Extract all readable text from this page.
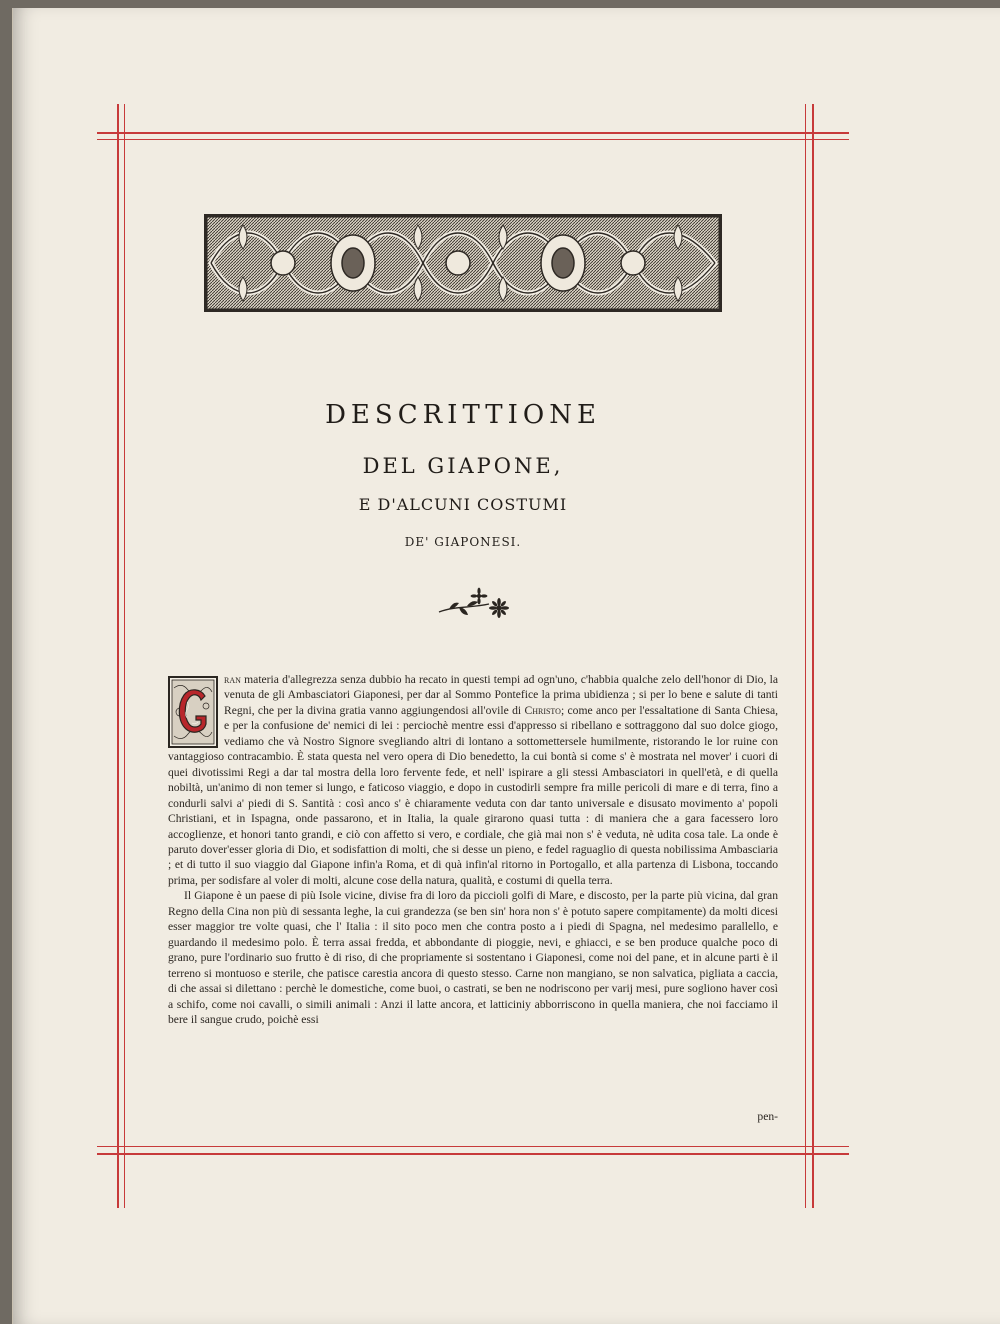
DESCRITTIONE
DEL GIAPONE,
E D'ALCUNI COSTUMI
DE' GIAPONESI.

ran materia d'allegrezza senza dubbio ha recato in questi tempi ad ogn'uno, c'habbia qualche zelo dell'honor di Dio, la venuta de gli Ambasciatori Giaponesi, per dar al Sommo Pontefice la prima ubidienza ; si per lo bene e salute di tanti Regni, che per la divina gratia vanno aggiungendosi all'ovile di Christo; come anco per l'essaltatione di Santa Chiesa, e per la confusione de' nemici di lei : perciochè mentre essi d'appresso si ribellano e sottraggono dal suo dolce giogo, vediamo che và Nostro Signore svegliando altri di lontano a sottomettersele humilmente, ristorando le lor ruine con vantaggioso contracambio. È stata questa nel vero opera di Dio benedetto, la cui bontà si come s' è mostrata nel mover' i cuori di quei divotissimi Regi a dar tal mostra della loro fervente fede, et nell' ispirare a gli stessi Ambasciatori in quell'età, e di quella nobiltà, un'animo di non temer si lungo, e faticoso viaggio, e dopo in custodirli sempre fra mille pericoli di mare e di terra, fino a condurli salvi a' piedi di S. Santità : così anco s' è chiaramente veduta con dar tanto universale e disusato movimento a' popoli Christiani, et in Ispagna, onde passarono, et in Italia, la quale girarono quasi tutta : di maniera che a gara facessero loro accoglienze, et honori tanto grandi, e ciò con affetto si vero, e cordiale, che già mai non s' è veduta, nè udita cosa tale. La onde è paruto dover'esser gloria di Dio, et sodisfattion di molti, che si desse un pieno, e fedel raguaglio di questa nobilissima Ambasciaria ; et di tutto il suo viaggio dal Giapone infin'a Roma, et di quà infin'al ritorno in Portogallo, et alla partenza di Lisbona, toccando prima, per sodisfare al voler di molti, alcune cose della natura, qualità, e costumi di quella terra.

Il Giapone è un paese di più Isole vicine, divise fra di loro da piccioli golfi di Mare, e discosto, per la parte più vicina, dal gran Regno della Cina non più di sessanta leghe, la cui grandezza (se ben sin' hora non s' è potuto sapere compitamente) da molti dicesi esser maggior tre volte quasi, che l' Italia : il sito poco men che contra posto a i piedi di Spagna, nel medesimo parallello, e guardando il medesimo polo. È terra assai fredda, et abbondante di pioggie, nevi, e ghiacci, e se ben produce qualche poco di grano, pure l'ordinario suo frutto è di riso, di che propriamente si sostentano i Giaponesi, come noi del pane, et in alcune parti è il terreno si montuoso e sterile, che patisce carestia ancora di questo stesso. Carne non mangiano, se non salvatica, pigliata a caccia, di che assai si dilettano : perchè le domestiche, come buoi, o castrati, se ben ne nodriscono per varij mesi, pure sogliono haver così a schifo, come noi cavalli, o simili animali : Anzi il latte ancora, et latticiniy abborriscono in quella maniera, che noi facciamo il bere il sangue crudo, poichè essi

pen-
